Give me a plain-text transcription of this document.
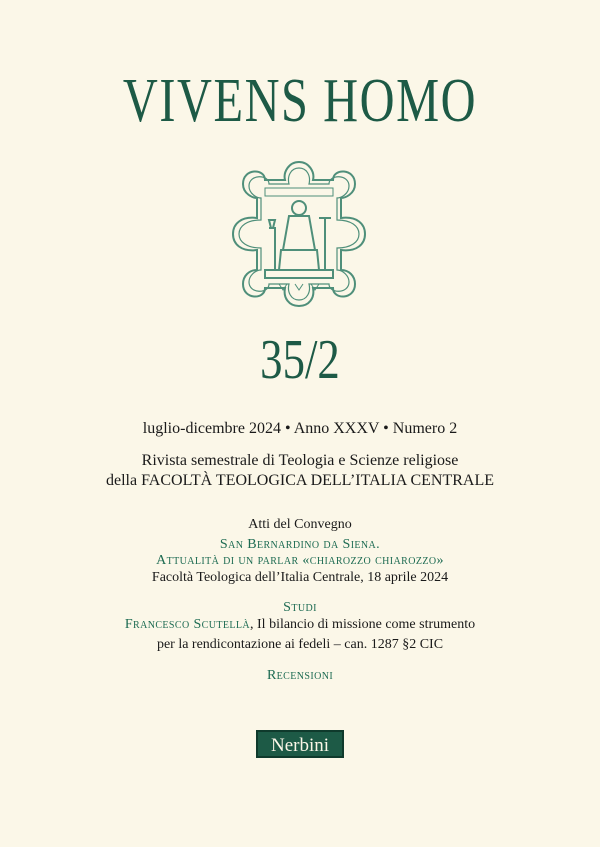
VIVENS HOMO
35/2
luglio-dicembre 2024 • Anno XXXV • Numero 2
Rivista semestrale di Teologia e Scienze religiose
della FACOLTÀ TEOLOGICA DELL’ITALIA CENTRALE
Atti del Convegno
San Bernardino da Siena.
Attualità di un parlar «chiarozzo chiarozzo»
Facoltà Teologica dell’Italia Centrale, 18 aprile 2024
Studi
Francesco Scutellà, Il bilancio di missione come strumento
per la rendicontazione ai fedeli – can. 1287 §2 CIC
Recensioni
Nerbini
